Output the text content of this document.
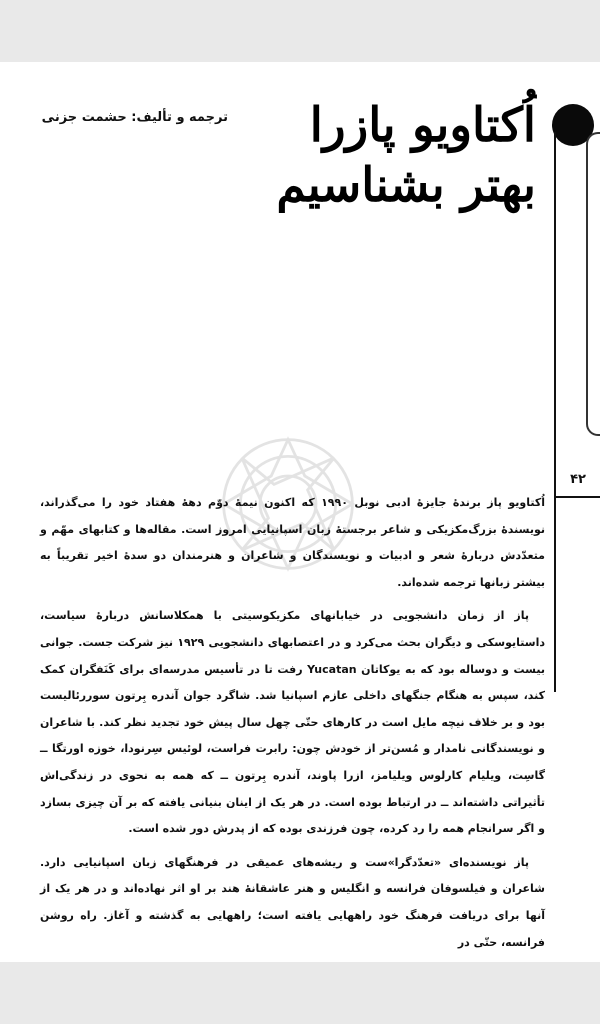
۴۲
ترجمه و تألیف: حشمت جزنی	اُکتاویو پازرا
بهتر بشناسیم

اُکتاویو پاز برندهٔ جایزهٔ ادبی نوبل ۱۹۹۰ که اکنون نیمهٔ دوّم دههٔ هفتاد خود را می‌گذراند، نویسندهٔ بزرگ‌مکزیکی و شاعر برجستهٔ زبان اسپانیایی امروز است. مقاله‌ها و کتابهای مهّم و متعدّدش دربارهٔ شعر و ادبیات و نویسندگان و شاعران و هنرمندان دو سدهٔ اخیر تقریباً به بیشتر زبانها ترجمه شده‌اند.

پاز از زمان دانشجویی در خیابانهای مکزیکوسیتی با همکلاسانش دربارهٔ سیاست، داستایوسکی و دیگران بحث می‌کرد و در اعتصابهای دانشجویی ۱۹۲۹ نیز شرکت جست. جوانی بیست و دوساله بود که به یوکاتان Yucatan رفت تا در تأسیس مدرسه‌ای برای کَنَفگران کمک کند، سپس به هنگام جنگهای داخلی عازم اسپانیا شد. شاگرد جوان آندره بِرتون سوررئالیست بود و بر خلاف نیچه مایل است در کارهای حتّی چهل سال پیش خود تجدید نظر کند. با شاعران و نویسندگانی نامدار و مُسن‌تر از خودش چون: رابرت فراست، لوئیس سِرنودا، خوزه اورتگا ــ گاسِت، ویلیام کارلوس ویلیامز، ازرا پاوند، آندره بِرتون ــ که همه به نحوی در زندگی‌اش تأثیراتی داشته‌اند ــ در ارتباط بوده است. در هر یک از اینان بنیانی یافته که بر آن چیزی بسازد و اگر سرانجام همه را رد کرده، چون فرزندی بوده که از پدرش دور شده است.

پاز نویسنده‌ای «تعدّدگرا»ست و ریشه‌های عمیقی در فرهنگهای زبان اسپانیایی دارد. شاعران و فیلسوفان فرانسه و انگلیس و هنر عاشقانهٔ هند بر او اثر نهاده‌اند و در هر یک از آنها برای دریافت فرهنگ خود راههایی یافته است؛ راههایی به گذشته و آغاز. راه روشن فرانسه، حتّی در
